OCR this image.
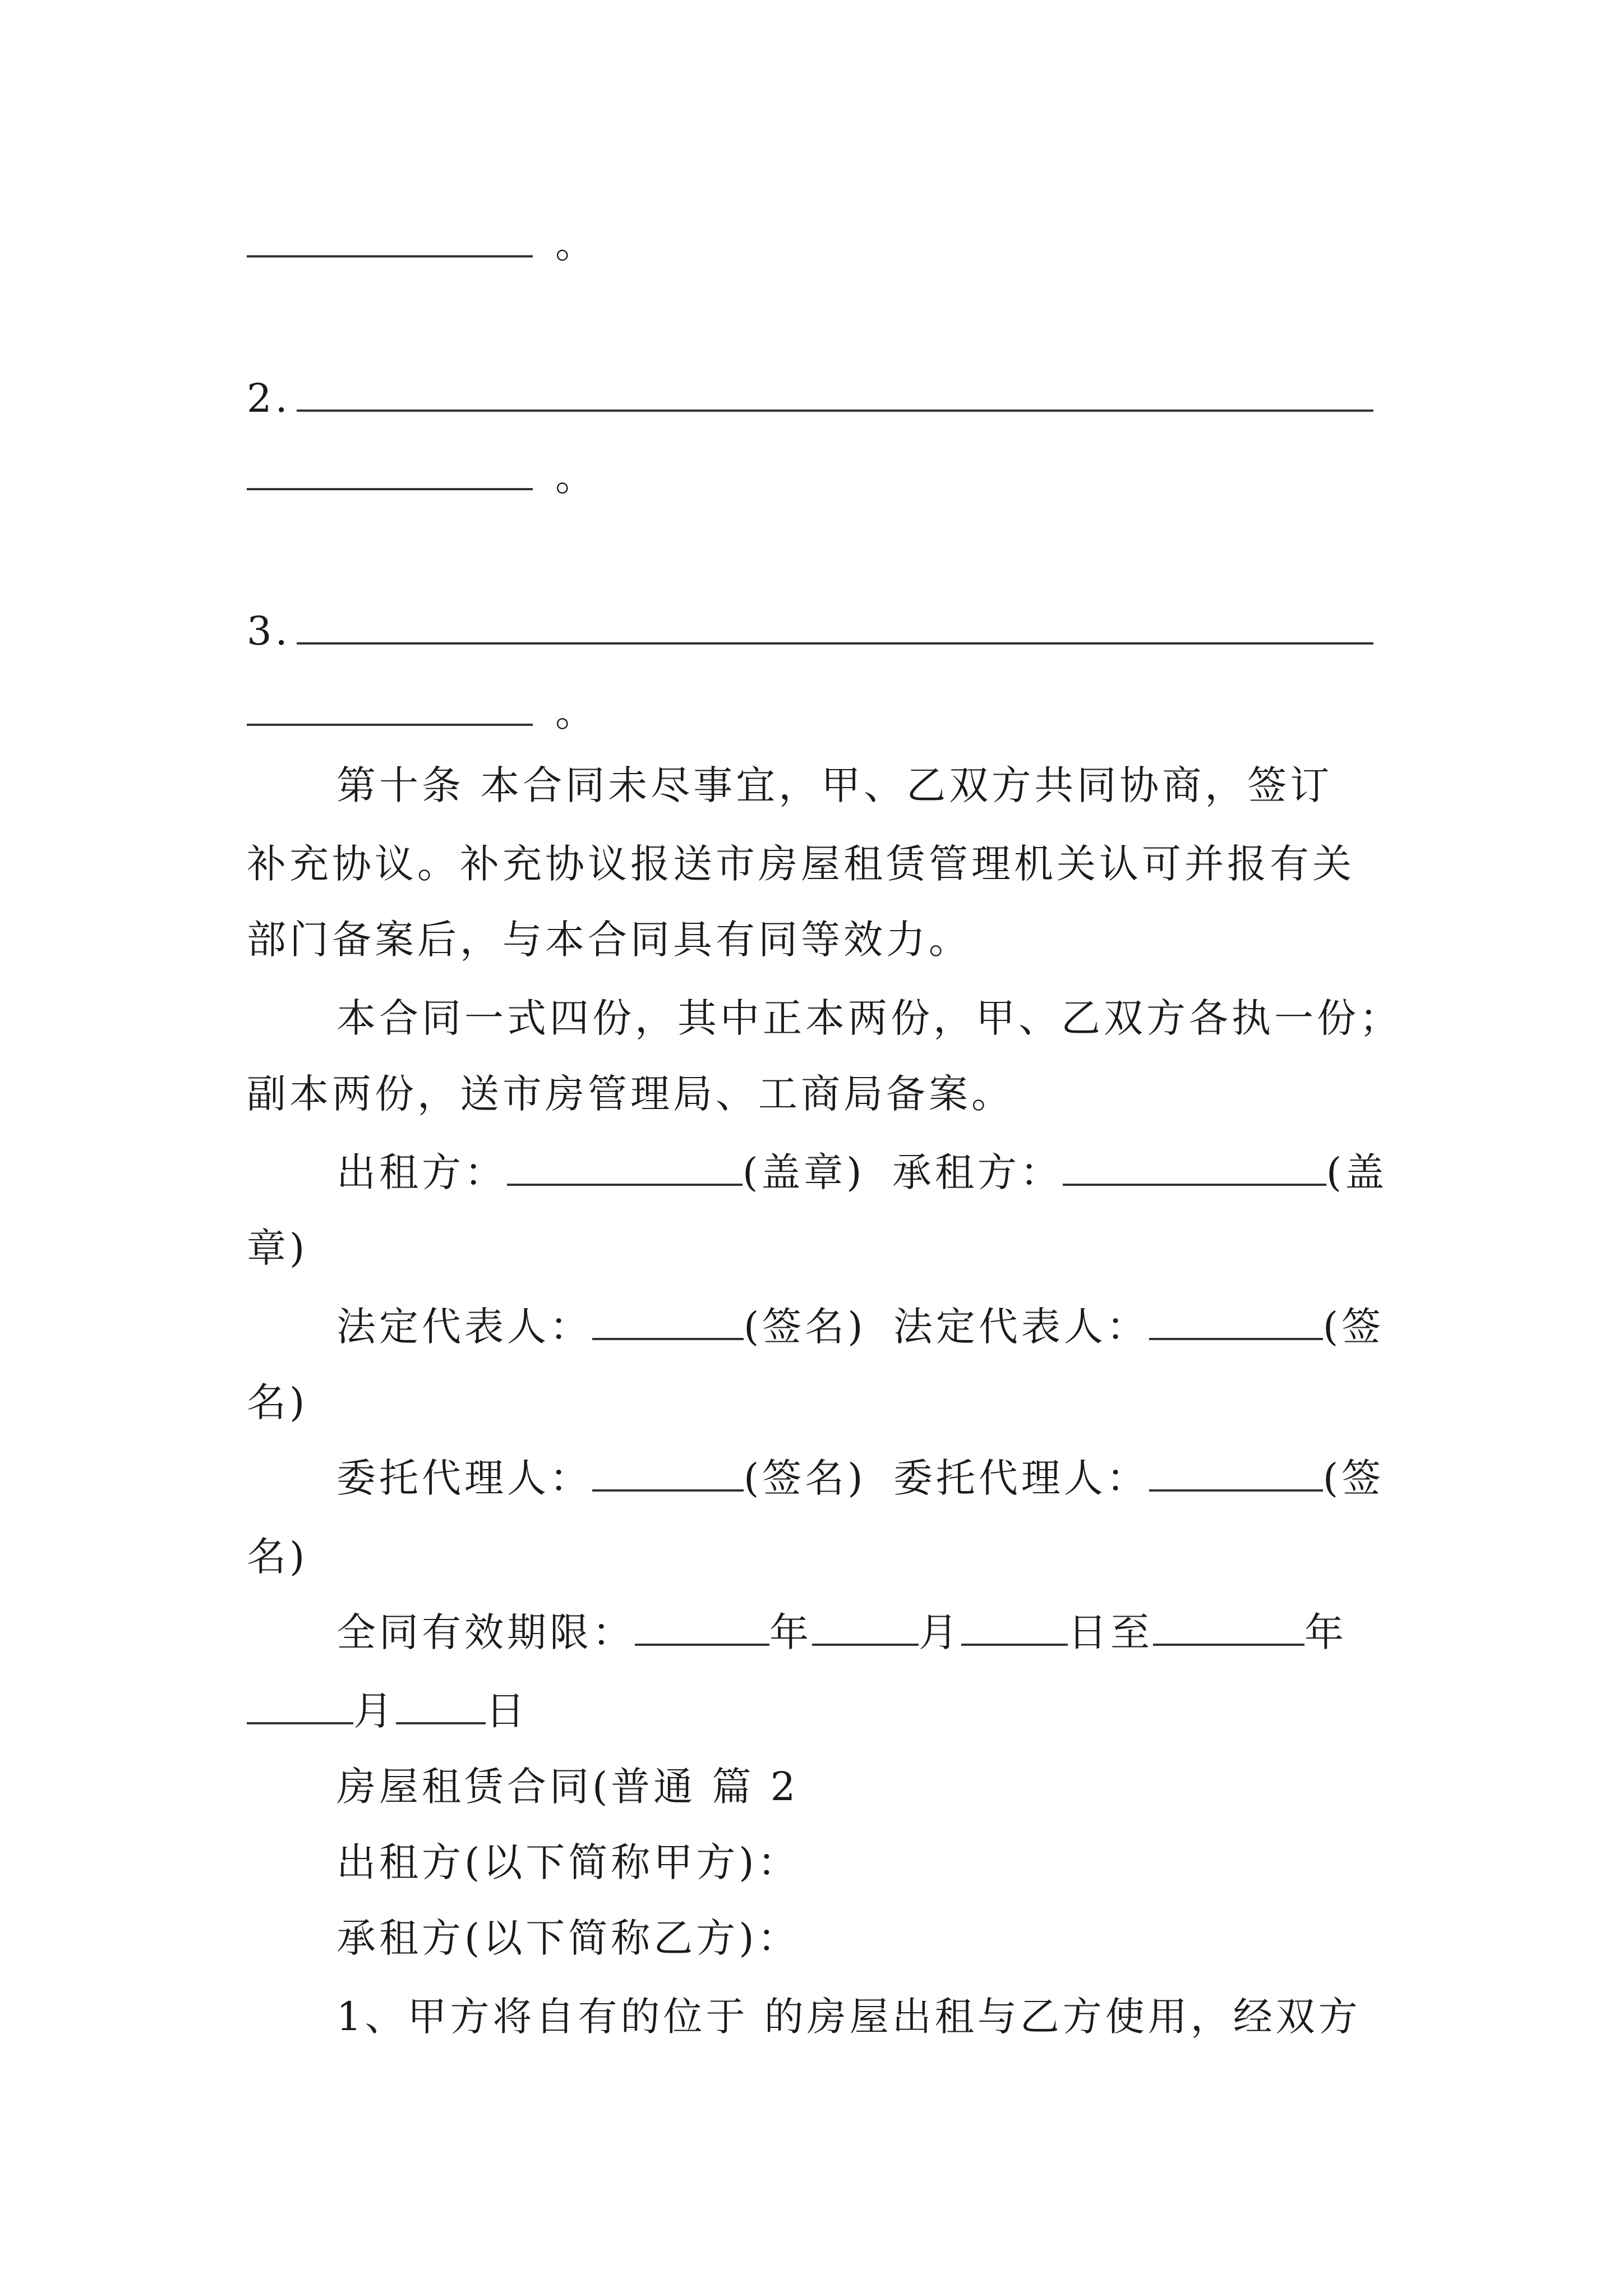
。
2.
。
3.
。
第十条 本合同未尽事宜，甲、乙双方共同协商，签订
补充协议。补充协议报送市房屋租赁管理机关认可并报有关
部门备案后，与本合同具有同等效力。
本合同一式四份，其中正本两份，甲、乙双方各执一份；
副本两份，送市房管理局、工商局备案。
出租方：	(盖章) 承租方：	(盖
章)
法定代表人：	(签名) 法定代表人：	(签
名)
委托代理人：	(签名) 委托代理人：	(签
名)
全同有效期限：	年	月	日至	年
月 日
房屋租赁合同(普通 篇 2
出租方(以下简称甲方)：
承租方(以下简称乙方)：
1、甲方将自有的位于 的房屋出租与乙方使用，经双方
